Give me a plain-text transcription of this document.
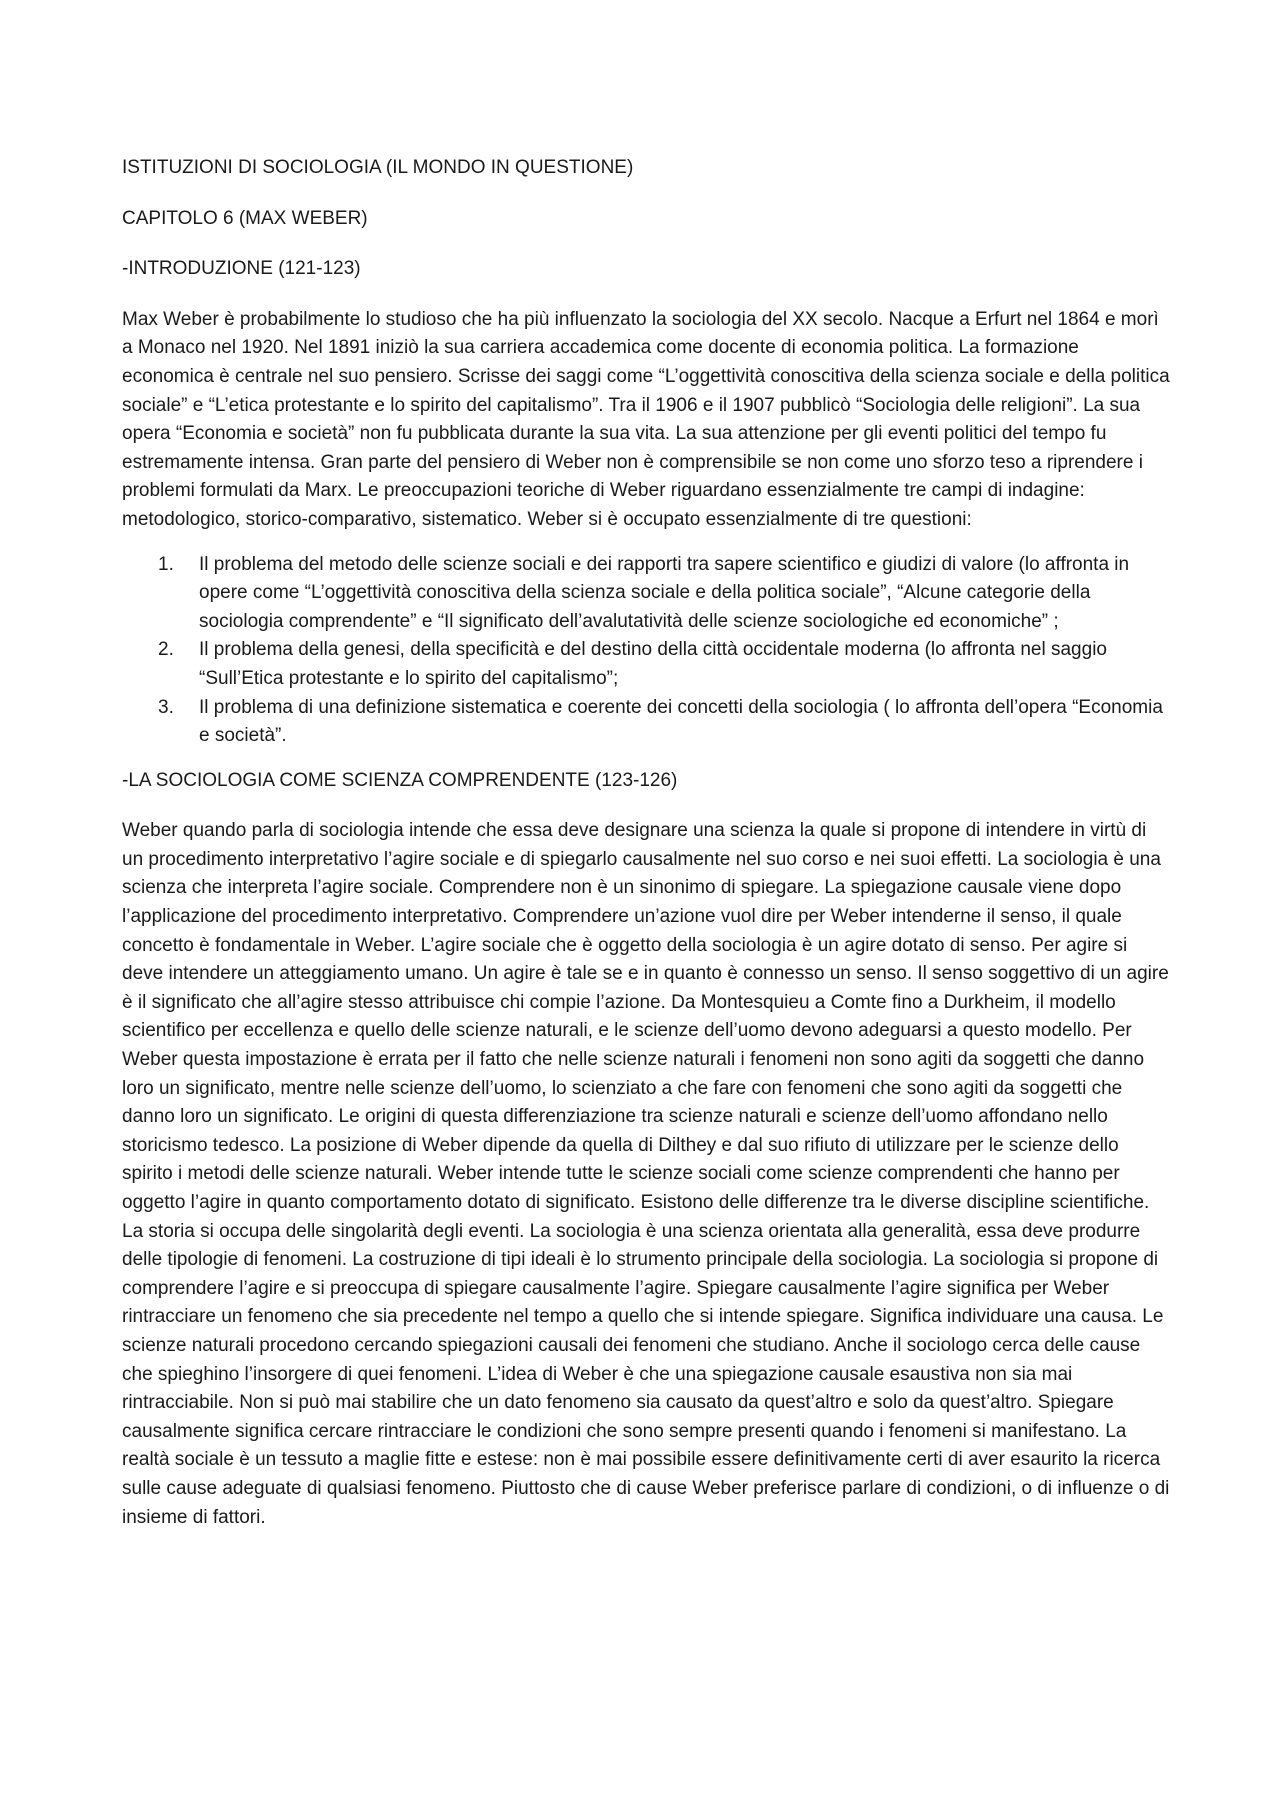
ISTITUZIONI DI SOCIOLOGIA (IL MONDO IN QUESTIONE)

CAPITOLO 6 (MAX WEBER)

-INTRODUZIONE (121-123)

Max Weber è probabilmente lo studioso che ha più influenzato la sociologia del XX secolo. Nacque a Erfurt nel 1864 e morì a Monaco nel 1920. Nel 1891 iniziò la sua carriera accademica come docente di economia politica. La formazione economica è centrale nel suo pensiero. Scrisse dei saggi come “L’oggettività conoscitiva della scienza sociale e della politica sociale” e “L’etica protestante e lo spirito del capitalismo”. Tra il 1906 e il 1907 pubblicò “Sociologia delle religioni”. La sua opera “Economia e società” non fu pubblicata durante la sua vita. La sua attenzione per gli eventi politici del tempo fu estremamente intensa. Gran parte del pensiero di Weber non è comprensibile se non come uno sforzo teso a riprendere i problemi formulati da Marx. Le preoccupazioni teoriche di Weber riguardano essenzialmente tre campi di indagine: metodologico, storico-comparativo, sistematico. Weber si è occupato essenzialmente di tre questioni:

1. Il problema del metodo delle scienze sociali e dei rapporti tra sapere scientifico e giudizi di valore (lo affronta in opere come “L’oggettività conoscitiva della scienza sociale e della politica sociale”, “Alcune categorie della sociologia comprendente” e “Il significato dell’avalutatività delle scienze sociologiche ed economiche” ;
2. Il problema della genesi, della specificità e del destino della città occidentale moderna (lo affronta nel saggio “Sull’Etica protestante e lo spirito del capitalismo”;
3. Il problema di una definizione sistematica e coerente dei concetti della sociologia ( lo affronta dell’opera “Economia e società”.

-LA SOCIOLOGIA COME SCIENZA COMPRENDENTE (123-126)

Weber quando parla di sociologia intende che essa deve designare una scienza la quale si propone di intendere in virtù di un procedimento interpretativo l’agire sociale e di spiegarlo causalmente nel suo corso e nei suoi effetti. La sociologia è una scienza che interpreta l’agire sociale. Comprendere non è un sinonimo di spiegare. La spiegazione causale viene dopo l’applicazione del procedimento interpretativo. Comprendere un’azione vuol dire per Weber intenderne il senso, il quale concetto è fondamentale in Weber. L’agire sociale che è oggetto della sociologia è un agire dotato di senso. Per agire si deve intendere un atteggiamento umano. Un agire è tale se e in quanto è connesso un senso. Il senso soggettivo di un agire è il significato che all’agire stesso attribuisce chi compie l’azione. Da Montesquieu a Comte fino a Durkheim, il modello scientifico per eccellenza e quello delle scienze naturali, e le scienze dell’uomo devono adeguarsi a questo modello. Per Weber questa impostazione è errata per il fatto che nelle scienze naturali i fenomeni non sono agiti da soggetti che danno loro un significato, mentre nelle scienze dell’uomo, lo scienziato a che fare con fenomeni che sono agiti da soggetti che danno loro un significato. Le origini di questa differenziazione tra scienze naturali e scienze dell’uomo affondano nello storicismo tedesco. La posizione di Weber dipende da quella di Dilthey e dal suo rifiuto di utilizzare per le scienze dello spirito i metodi delle scienze naturali. Weber intende tutte le scienze sociali come scienze comprendenti che hanno per oggetto l’agire in quanto comportamento dotato di significato. Esistono delle differenze tra le diverse discipline scientifiche. La storia si occupa delle singolarità degli eventi. La sociologia è una scienza orientata alla generalità, essa deve produrre delle tipologie di fenomeni. La costruzione di tipi ideali è lo strumento principale della sociologia. La sociologia si propone di comprendere l’agire e si preoccupa di spiegare causalmente l’agire. Spiegare causalmente l’agire significa per Weber rintracciare un fenomeno che sia precedente nel tempo a quello che si intende spiegare. Significa individuare una causa. Le scienze naturali procedono cercando spiegazioni causali dei fenomeni che studiano. Anche il sociologo cerca delle cause che spieghino l’insorgere di quei fenomeni. L’idea di Weber è che una spiegazione causale esaustiva non sia mai rintracciabile. Non si può mai stabilire che un dato fenomeno sia causato da quest’altro e solo da quest’altro. Spiegare causalmente significa cercare rintracciare le condizioni che sono sempre presenti quando i fenomeni si manifestano. La realtà sociale è un tessuto a maglie fitte e estese: non è mai possibile essere definitivamente certi di aver esaurito la ricerca sulle cause adeguate di qualsiasi fenomeno. Piuttosto che di cause Weber preferisce parlare di condizioni, o di influenze o di insieme di fattori.
